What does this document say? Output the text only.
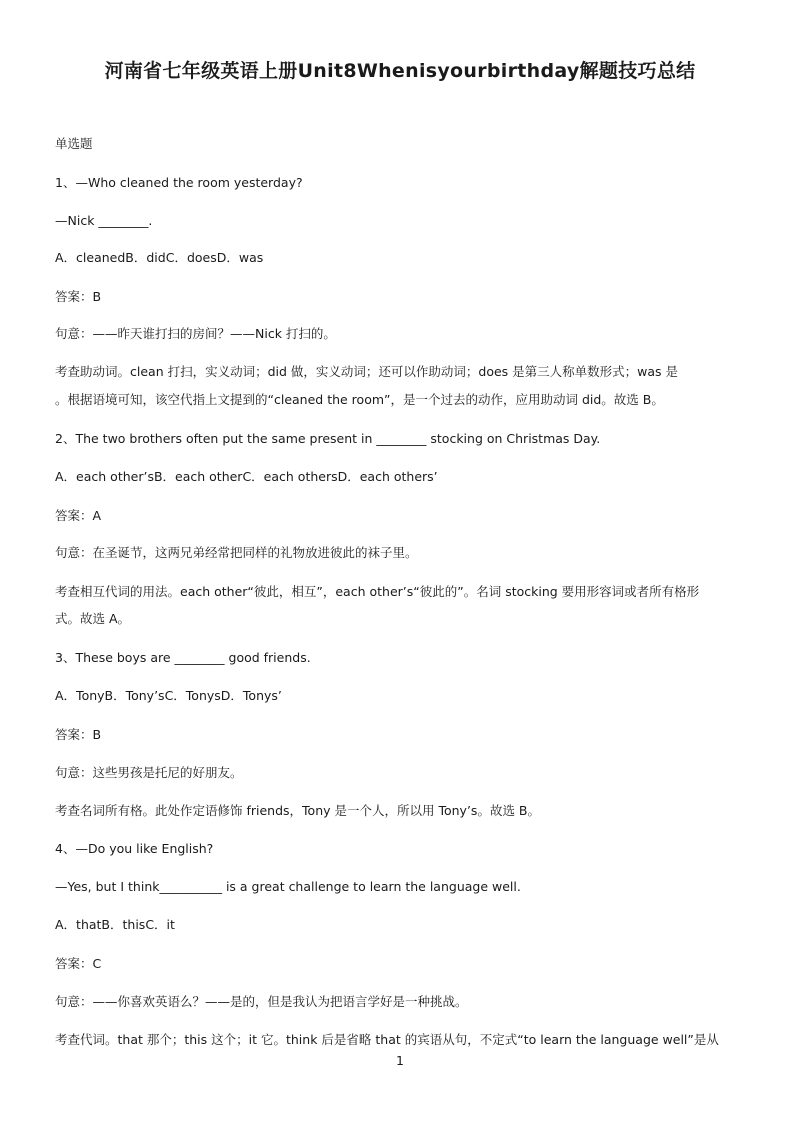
河南省七年级英语上册Unit8Whenisyourbirthday解题技巧总结
单选题
1、—Who cleaned the room yesterday?
—Nick ________.
A．cleanedB．didC．doesD．was
答案：B
句意：——昨天谁打扫的房间？——Nick 打扫的。
考查助动词。clean 打扫，实义动词；did 做，实义动词；还可以作助动词；does 是第三人称单数形式；was 是
。根据语境可知，该空代指上文提到的“cleaned the room”，是一个过去的动作，应用助动词 did。故选 B。
2、The two brothers often put the same present in ________ stocking on Christmas Day.
A．each other’sB．each otherC．each othersD．each others’
答案：A
句意：在圣诞节，这两兄弟经常把同样的礼物放进彼此的袜子里。
考查相互代词的用法。each other“彼此，相互”，each other’s“彼此的”。名词 stocking 要用形容词或者所有格形
式。故选 A。
3、These boys are ________ good friends.
A．TonyB．Tony’sC．TonysD．Tonys’
答案：B
句意：这些男孩是托尼的好朋友。
考查名词所有格。此处作定语修饰 friends，Tony 是一个人，所以用 Tony’s。故选 B。
4、—Do you like English?
—Yes, but I think__________ is a great challenge to learn the language well.
A．thatB．thisC．it
答案：C
句意：——你喜欢英语么？——是的，但是我认为把语言学好是一种挑战。
考查代词。that 那个；this 这个；it 它。think 后是省略 that 的宾语从句，不定式“to learn the language well”是从
1
